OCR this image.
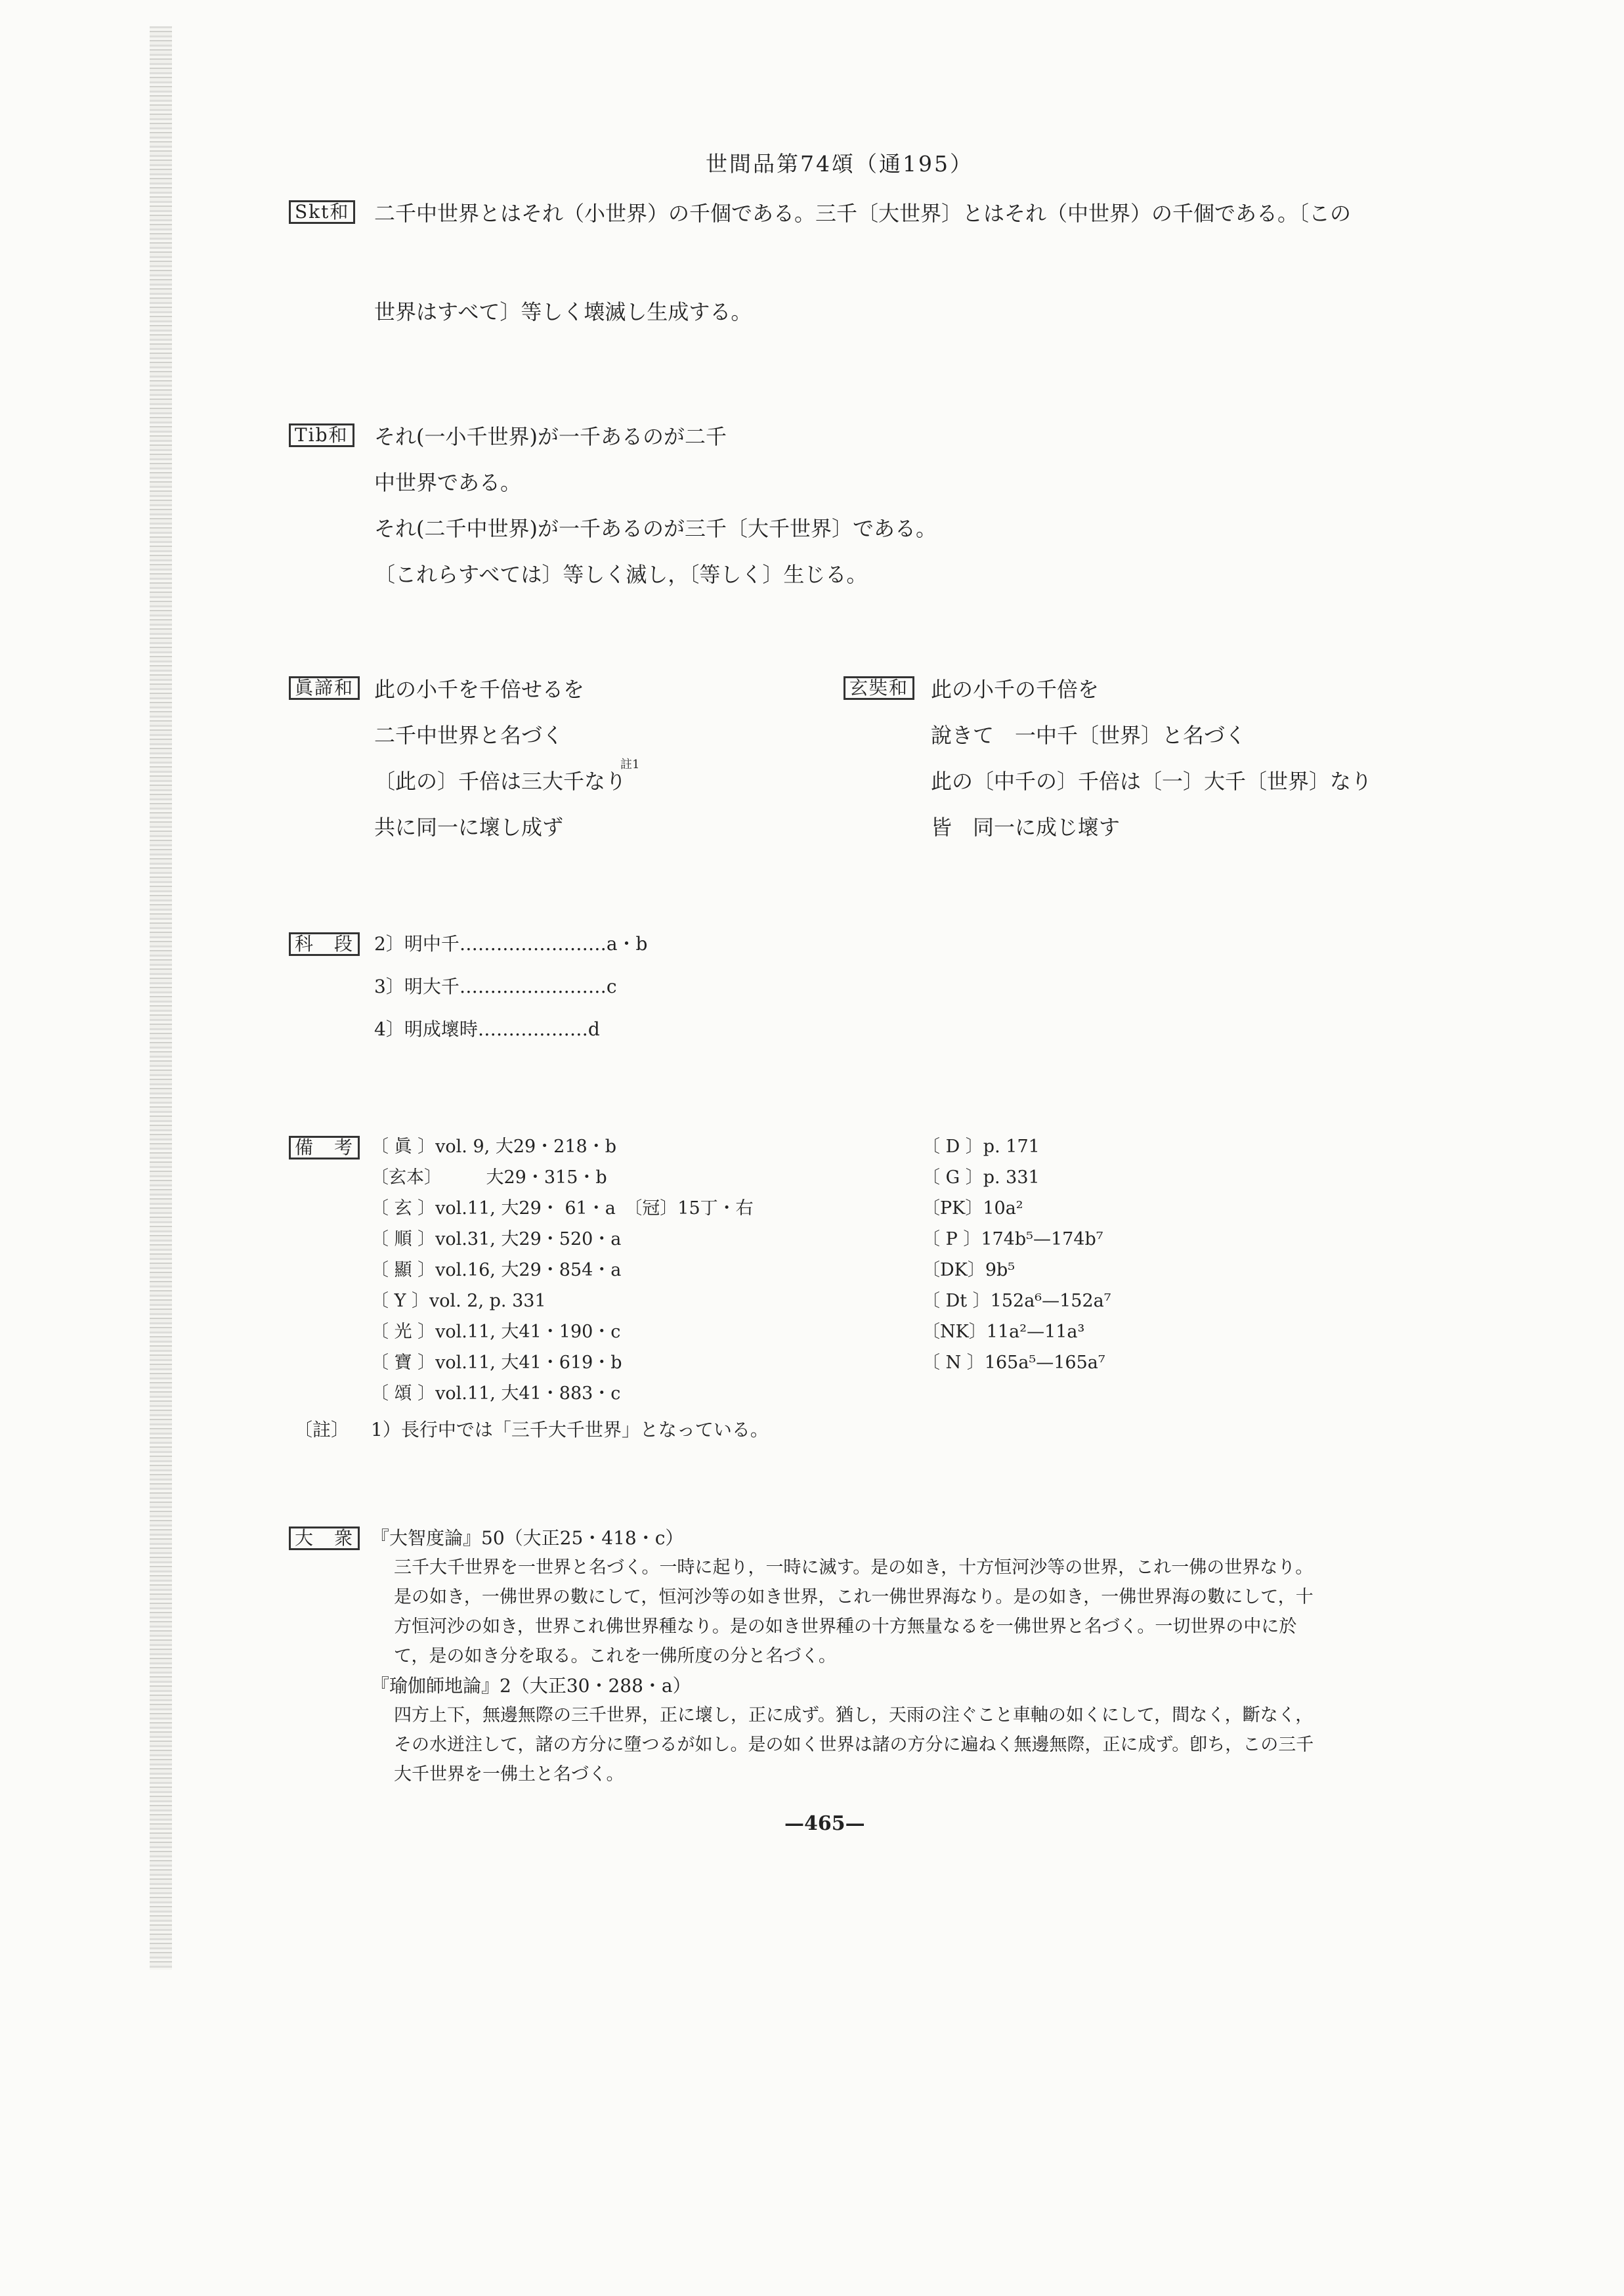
世間品第74頌（通195）
Skt和 二千中世界とはそれ（小世界）の千個である。三千〔大世界〕とはそれ（中世界）の千個である。〔この
世界はすべて〕等しく壊滅し生成する。
Tib和 それ(一小千世界)が一千あるのが二千
中世界である。
それ(二千中世界)が一千あるのが三千〔大千世界〕である。
〔これらすべては〕等しく滅し，〔等しく〕生じる。
眞諦和 此の小千を千倍せるを
二千中世界と名づく
〔此の〕千倍は三大千なり
註1
共に同一に壞し成ず
玄奘和 此の小千の千倍を
說きて　一中千〔世界〕と名づく
此の〔中千の〕千倍は〔一〕大千〔世界〕なり
皆　同一に成じ壞す
科　段	2〕明中千……………………a・b
3〕明大千……………………c
4〕明成壞時………………d
備　考 〔 眞 〕vol. 9, 大29・218・b
〔玄本〕　　　大29・315・b
〔 玄 〕vol.11, 大29・ 61・a　〔冠〕15丁・右
〔 順 〕vol.31, 大29・520・a
〔 顯 〕vol.16, 大29・854・a
〔 Y 〕vol. 2, p. 331
〔 光 〕vol.11, 大41・190・c
〔 寶 〕vol.11, 大41・619・b
〔 頌 〕vol.11, 大41・883・c
〔 D 〕p. 171
〔 G 〕p. 331
〔PK〕10a²
〔 P 〕174b⁵—174b⁷
〔DK〕9b⁵
〔 Dt 〕152a⁶—152a⁷
〔NK〕11a²—11a³
〔 N 〕165a⁵—165a⁷
〔註〕 1）長行中では「三千大千世界」となっている。
大　衆 『大智度論』50（大正25・418・c）
三千大千世界を一世界と名づく。一時に起り，一時に滅す。是の如き，十方恒河沙等の世界，これ一佛の世界なり。
是の如き，一佛世界の數にして，恒河沙等の如き世界，これ一佛世界海なり。是の如き，一佛世界海の數にして，十
方恒河沙の如き，世界これ佛世界種なり。是の如き世界種の十方無量なるを一佛世界と名づく。一切世界の中に於
て，是の如き分を取る。これを一佛所度の分と名づく。
『瑜伽師地論』2（大正30・288・a）
四方上下，無邊無際の三千世界，正に壞し，正に成ず。猶し，天雨の注ぐこと車軸の如くにして，間なく，斷なく，
その水迸注して，諸の方分に墮つるが如し。是の如く世界は諸の方分に遍ねく無邊無際，正に成ず。卽ち，この三千
大千世界を一佛土と名づく。
—465—
